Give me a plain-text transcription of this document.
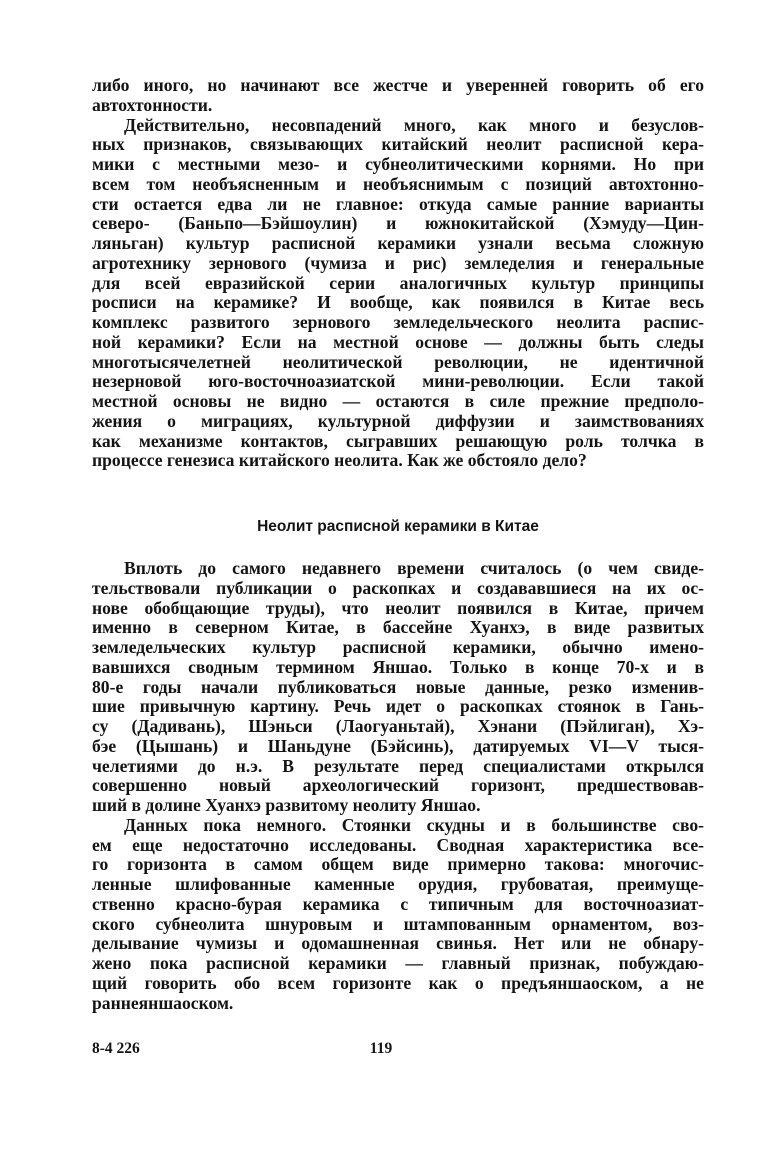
либо иного, но начинают все жестче и уверенней говорить об его
автохтонности.
Действительно, несовпадений много, как много и безуслов-
ных признаков, связывающих китайский неолит расписной кера-
мики с местными мезо- и субнеолитическими корнями. Но при
всем том необъясненным и необъяснимым с позиций автохтонно-
сти остается едва ли не главное: откуда самые ранние варианты
северо- (Баньпо—Бэйшоулин) и южнокитайской (Хэмуду—Цин-
ляньган) культур расписной керамики узнали весьма сложную
агротехнику зернового (чумиза и рис) земледелия и генеральные
для всей евразийской серии аналогичных культур принципы
росписи на керамике? И вообще, как появился в Китае весь
комплекс развитого зернового земледельческого неолита распис-
ной керамики? Если на местной основе — должны быть следы
многотысячелетней неолитической революции, не идентичной
незерновой юго-восточноазиатской мини-революции. Если такой
местной основы не видно — остаются в силе прежние предполо-
жения о миграциях, культурной диффузии и заимствованиях
как механизме контактов, сыгравших решающую роль толчка в
процессе генезиса китайского неолита. Как же обстояло дело?
Неолит расписной керамики в Китае
Вплоть до самого недавнего времени считалось (о чем свиде-
тельствовали публикации о раскопках и создававшиеся на их ос-
нове обобщающие труды), что неолит появился в Китае, причем
именно в северном Китае, в бассейне Хуанхэ, в виде развитых
земледельческих культур расписной керамики, обычно имено-
вавшихся сводным термином Яншао. Только в конце 70-х и в
80-е годы начали публиковаться новые данные, резко изменив-
шие привычную картину. Речь идет о раскопках стоянок в Гань-
су (Дадивань), Шэньси (Лаогуаньтай), Хэнани (Пэйлиган), Хэ-
бэе (Цышань) и Шаньдуне (Бэйсинь), датируемых VI—V тыся-
челетиями до н.э. В результате перед специалистами открылся
совершенно новый археологический горизонт, предшествовав-
ший в долине Хуанхэ развитому неолиту Яншао.
Данных пока немного. Стоянки скудны и в большинстве сво-
ем еще недостаточно исследованы. Сводная характеристика все-
го горизонта в самом общем виде примерно такова: многочис-
ленные шлифованные каменные орудия, грубоватая, преимуще-
ственно красно-бурая керамика с типичным для восточноазиат-
ского субнеолита шнуровым и штампованным орнаментом, воз-
делывание чумизы и одомашненная свинья. Нет или не обнару-
жено пока расписной керамики — главный признак, побуждаю-
щий говорить обо всем горизонте как о предъяншаоском, а не
раннеяншаоском.
8-4 226	119
